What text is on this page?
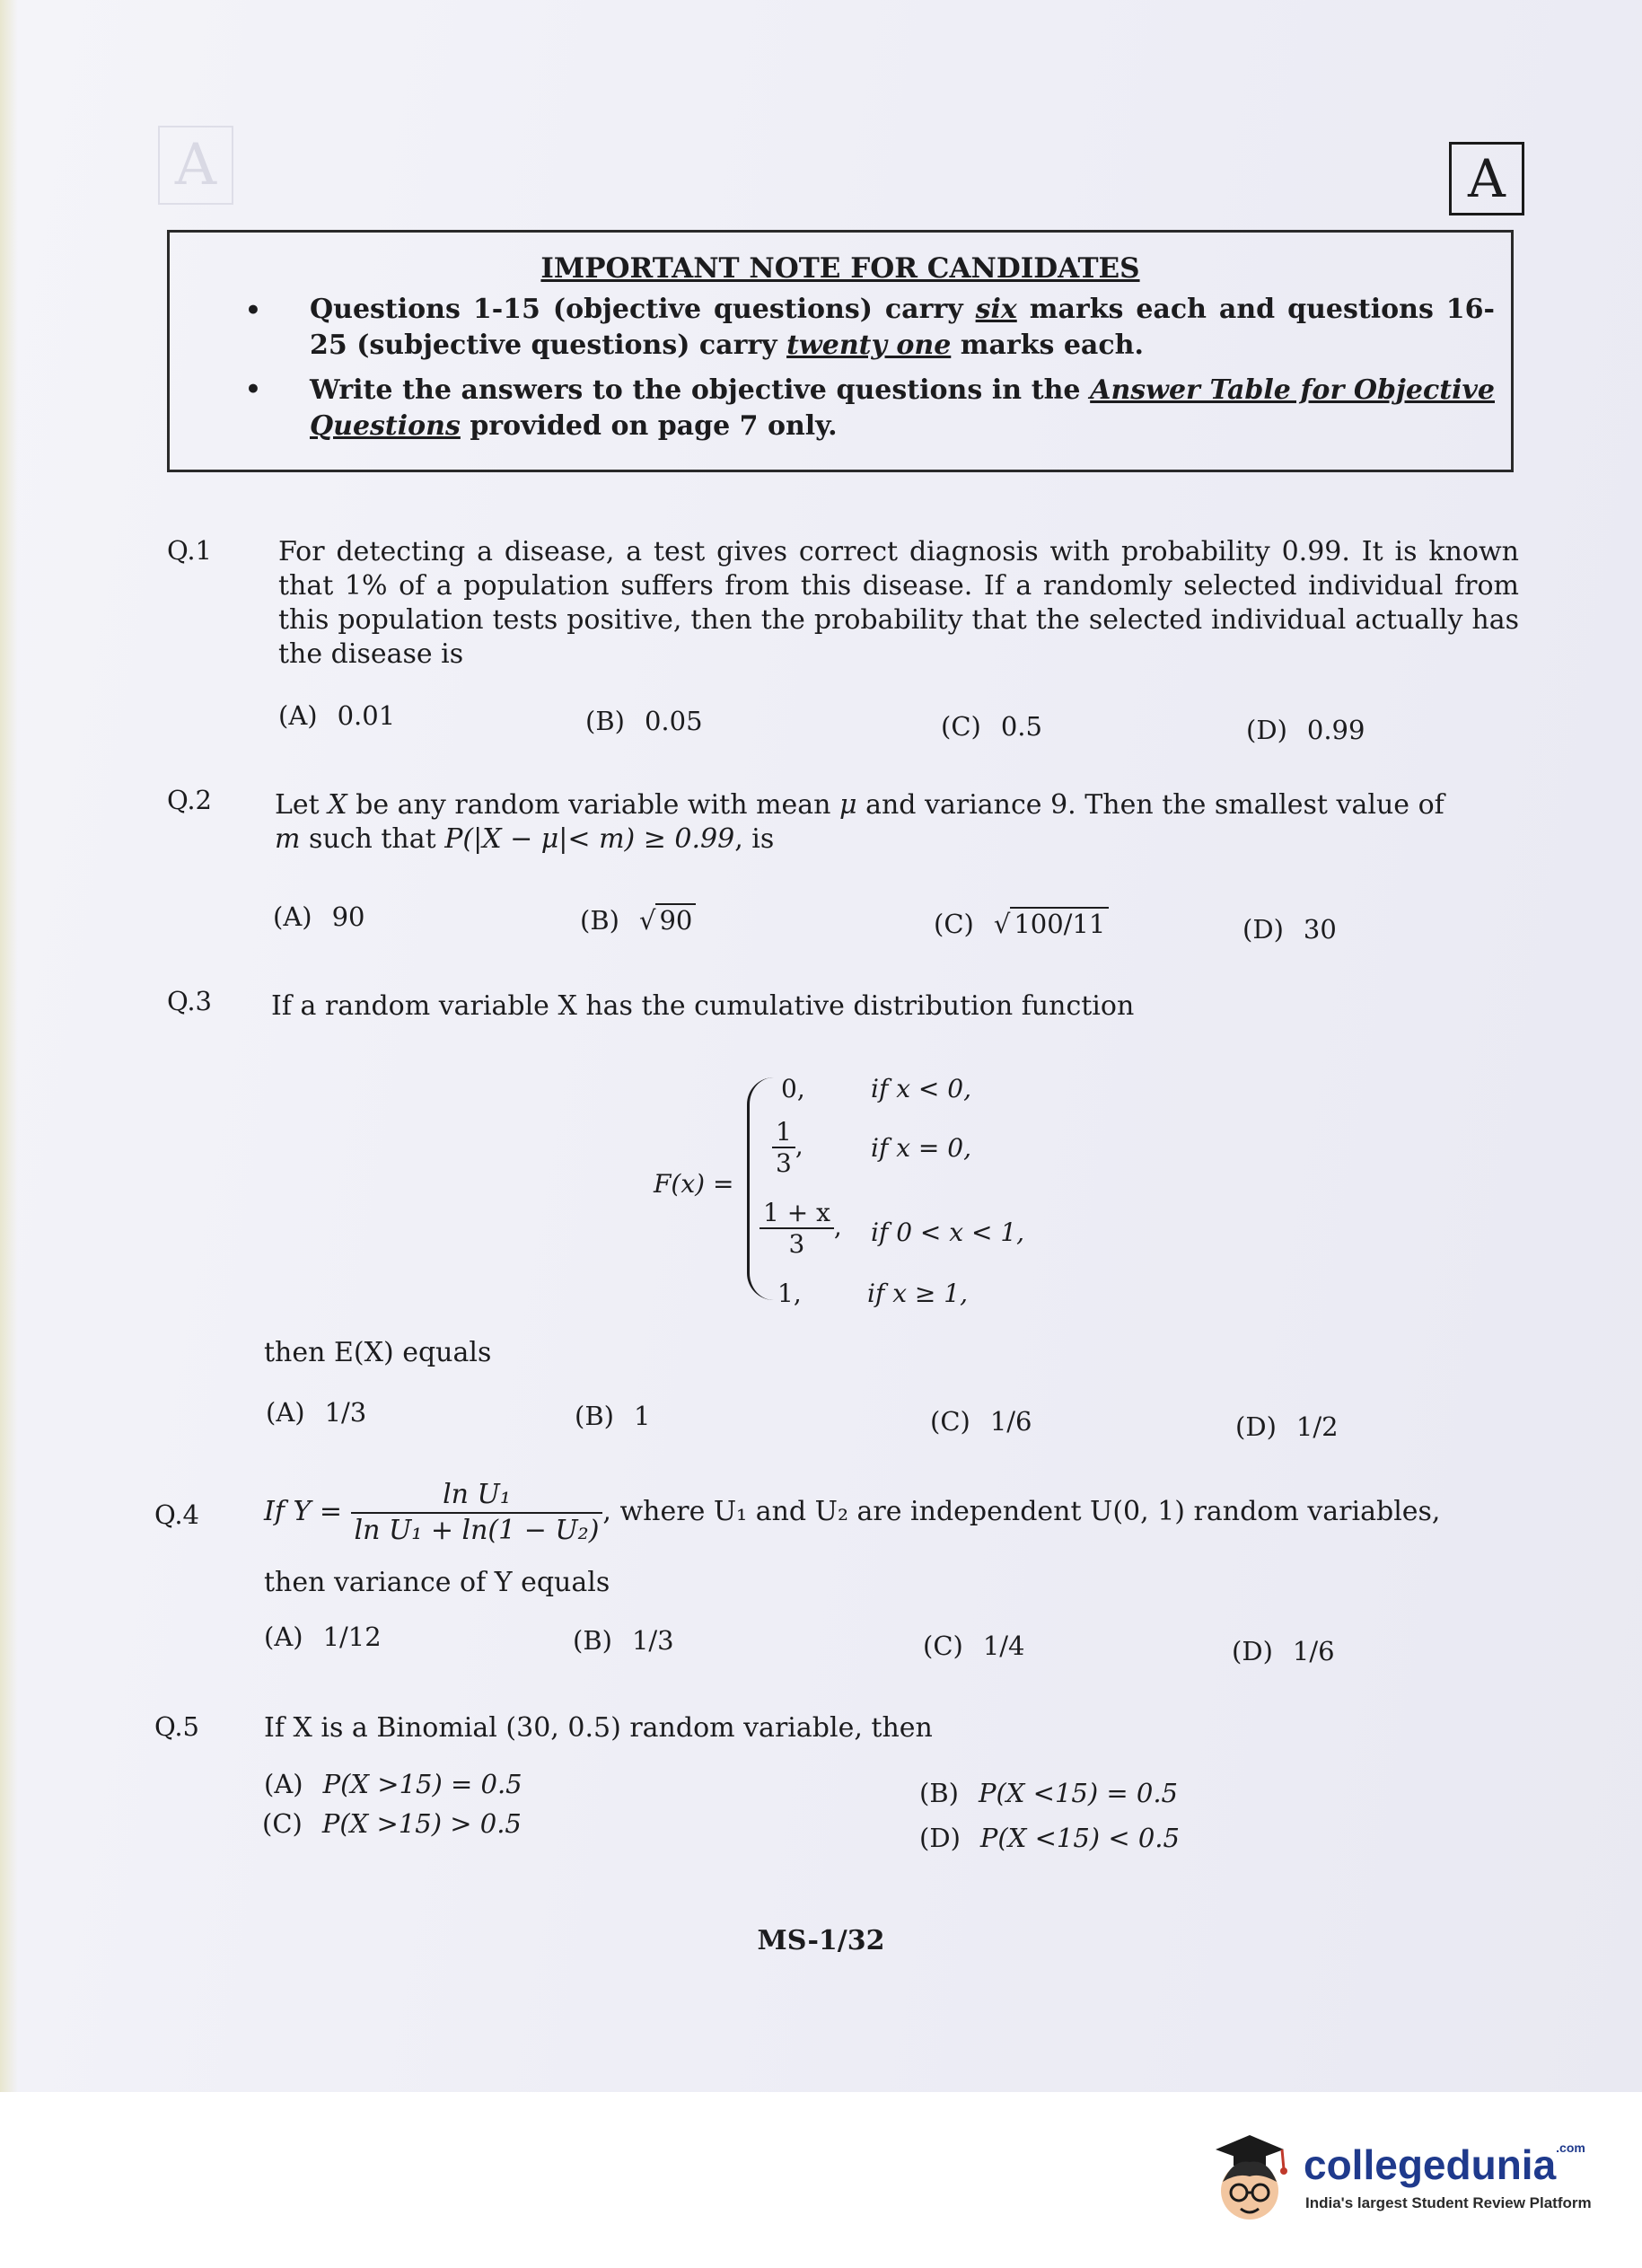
A	A
IMPORTANT NOTE FOR CANDIDATES
• Questions 1-15 (objective questions) carry six marks each and questions 16-25 (subjective questions) carry twenty one marks each.
• Write the answers to the objective questions in the Answer Table for Objective Questions provided on page 7 only.
Q.1 For detecting a disease, a test gives correct diagnosis with probability 0.99. It is known that 1% of a population suffers from this disease. If a randomly selected individual from this population tests positive, then the probability that the selected individual actually has the disease is
(A) 0.01	(B) 0.05	(C) 0.5	(D) 0.99
Q.2 Let X be any random variable with mean μ and variance 9. Then the smallest value of
m such that P(|X − μ|< m) ≥ 0.99, is
(A) 90	(B) √ 90	(C) √ 100/11	(D) 30
Q.3 If a random variable X has the cumulative distribution function
F(x) =
0,	if x < 0,
$\frac{1}{3}$ ,	if x = 0,
$\frac{1 + x}{3}$ , if 0 < x < 1,
1,	if x ≥ 1,
then E(X) equals
(A) 1/3	(B) 1	(C) 1/6	(D) 1/2
Q.4 If $Y = \frac{\text{ln U₁}}{\text{ln U₁ + ln(1 − U₂)}}$ , where U₁ and U₂ are independent U(0, 1) random variables,
then variance of Y equals
(A) 1/12	(B) 1/3	(C) 1/4	(D) 1/6
Q.5 If X is a Binomial (30, 0.5) random variable, then
(A) P(X >15) = 0.5	(B) P(X <15) = 0.5
(C) P(X >15) > 0.5	(D) P(X <15) < 0.5
MS-1/32
collegedunia$^{.com}$
India's largest Student Review Platform
